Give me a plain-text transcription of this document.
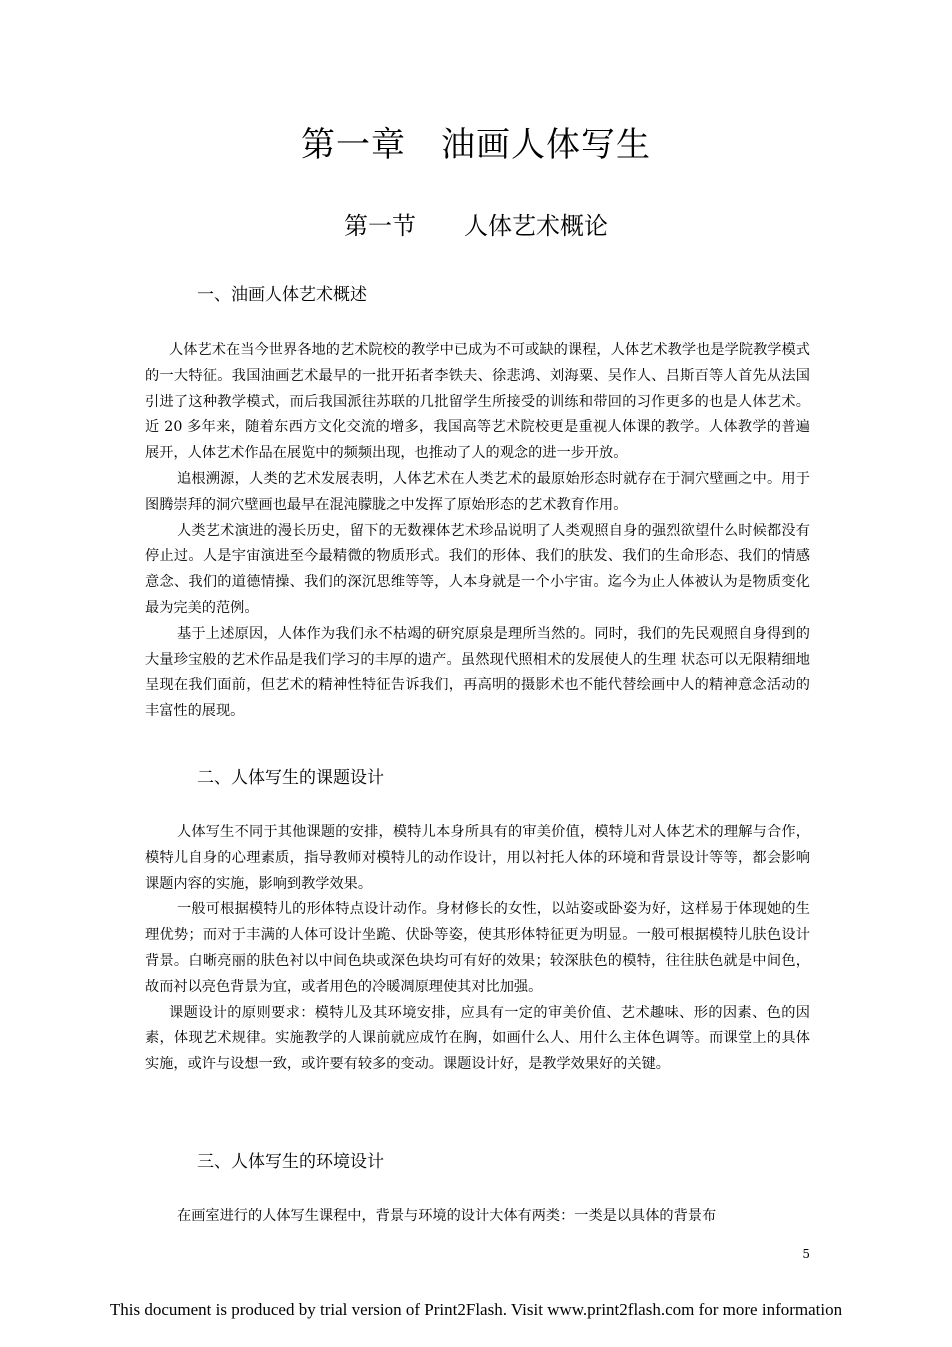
第一章　油画人体写生
第一节　　人体艺术概论
一、油画人体艺术概述

人体艺术在当今世界各地的艺术院校的教学中已成为不可或缺的课程，人体艺术教学也是学院教学模式的一大特征。我国油画艺术最早的一批开拓者李铁夫、徐悲鸿、刘海粟、吴作人、吕斯百等人首先从法国引进了这种教学模式，而后我国派往苏联的几批留学生所接受的训练和带回的习作更多的也是人体艺术。近 20 多年来，随着东西方文化交流的增多，我国高等艺术院校更是重视人体课的教学。人体教学的普遍展开，人体艺术作品在展览中的频频出现，也推动了人的观念的进一步开放。

追根溯源，人类的艺术发展表明，人体艺术在人类艺术的最原始形态时就存在于洞穴壁画之中。用于图腾崇拜的洞穴壁画也最早在混沌朦胧之中发挥了原始形态的艺术教育作用。

人类艺术演进的漫长历史，留下的无数裸体艺术珍品说明了人类观照自身的强烈欲望什么时候都没有停止过。人是宇宙演进至今最精微的物质形式。我们的形体、我们的肤发、我们的生命形态、我们的情感意念、我们的道德情操、我们的深沉思维等等，人本身就是一个小宇宙。迄今为止人体被认为是物质变化最为完美的范例。

基于上述原因，人体作为我们永不枯竭的研究原泉是理所当然的。同时，我们的先民观照自身得到的大量珍宝般的艺术作品是我们学习的丰厚的遗产。虽然现代照相术的发展使人的生理 状态可以无限精细地呈现在我们面前，但艺术的精神性特征告诉我们，再高明的摄影术也不能代替绘画中人的精神意念活动的丰富性的展现。

二、人体写生的课题设计

人体写生不同于其他课题的安排，模特儿本身所具有的审美价值，模特儿对人体艺术的理解与合作，模特儿自身的心理素质，指导教师对模特儿的动作设计，用以衬托人体的环境和背景设计等等，都会影响课题内容的实施，影响到教学效果。

一般可根据模特儿的形体特点设计动作。身材修长的女性，以站姿或卧姿为好，这样易于体现她的生理优势；而对于丰满的人体可设计坐跪、伏卧等姿，使其形体特征更为明显。一般可根据模特儿肤色设计背景。白晰亮丽的肤色衬以中间色块或深色块均可有好的效果；较深肤色的模特，往往肤色就是中间色，故而衬以亮色背景为宜，或者用色的冷暖凋原理使其对比加强。

课题设计的原则要求：模特儿及其环境安排，应具有一定的审美价值、艺术趣味、形的因素、色的因素，体现艺术规律。实施教学的人课前就应成竹在胸，如画什么人、用什么主体色调等。而课堂上的具体实施，或许与设想一致，或许要有较多的变动。课题设计好，是教学效果好的关键。

三、人体写生的环境设计

在画室进行的人体写生课程中，背景与环境的设计大体有两类：一类是以具体的背景布

5
This document is produced by trial version of Print2Flash. Visit www.print2flash.com for more information
